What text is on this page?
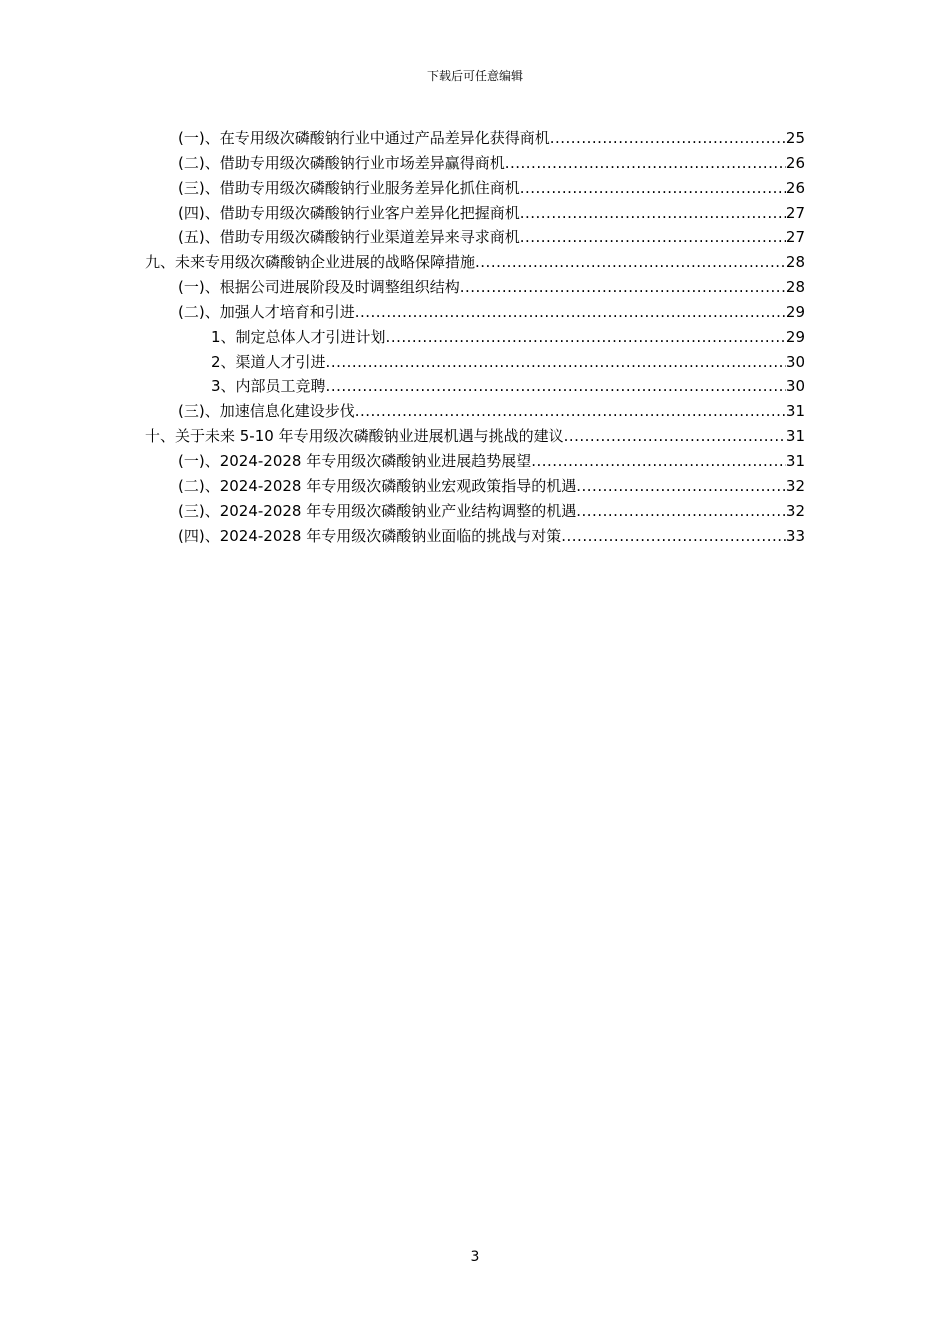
下载后可任意编辑
(一)、在专用级次磷酸钠行业中通过产品差异化获得商机 .....	25
(二)、借助专用级次磷酸钠行业市场差异赢得商机 .....	26
(三)、借助专用级次磷酸钠行业服务差异化抓住商机 .....	26
(四)、借助专用级次磷酸钠行业客户差异化把握商机 .....	27
(五)、借助专用级次磷酸钠行业渠道差异来寻求商机 .....	27
九、未来专用级次磷酸钠企业进展的战略保障措施 .....	28
(一)、根据公司进展阶段及时调整组织结构 .....	28
(二)、加强人才培育和引进 .....	29
1、制定总体人才引进计划 .....	29
2、渠道人才引进 .....	30
3、内部员工竞聘 .....	30
(三)、加速信息化建设步伐 .....	31
十、关于未来 5-10 年专用级次磷酸钠业进展机遇与挑战的建议 .....	31
(一)、2024-2028 年专用级次磷酸钠业进展趋势展望 .....	31
(二)、2024-2028 年专用级次磷酸钠业宏观政策指导的机遇 .....	32
(三)、2024-2028 年专用级次磷酸钠业产业结构调整的机遇 .....	32
(四)、2024-2028 年专用级次磷酸钠业面临的挑战与对策 .....	33
3
